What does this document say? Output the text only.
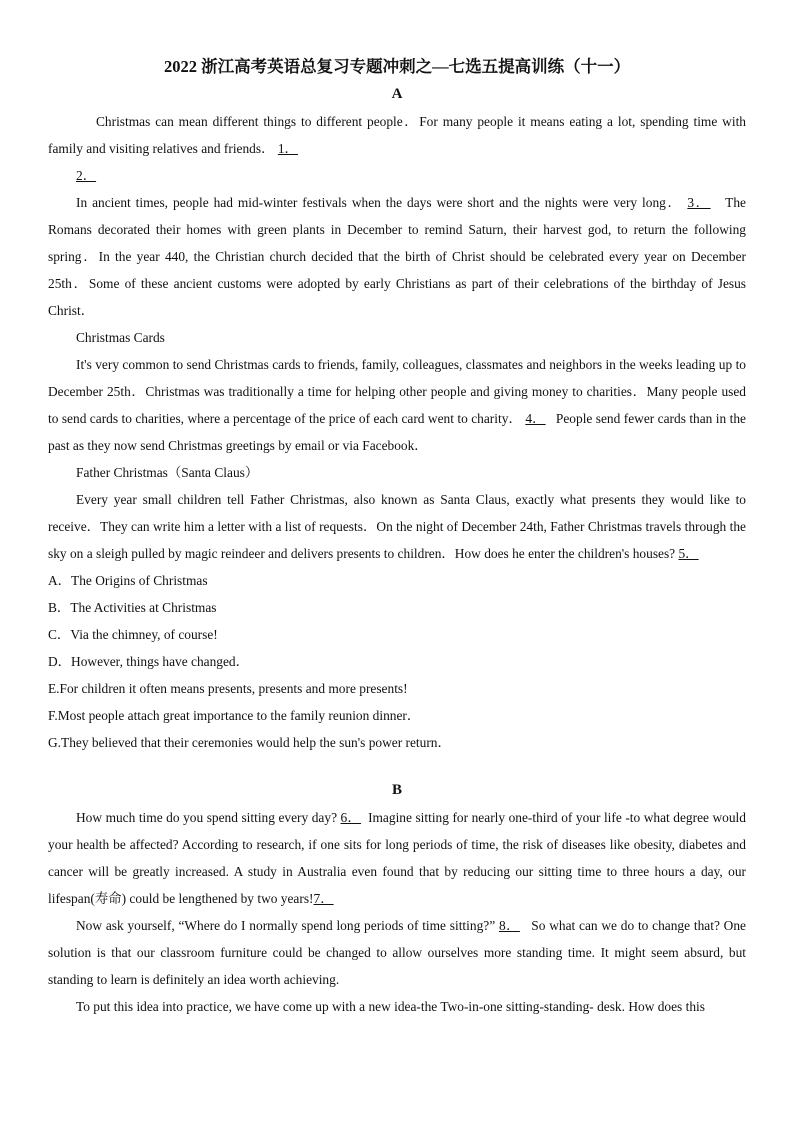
2022 浙江高考英语总复习专题冲刺之—七选五提高训练（十一）
A

Christmas can mean different things to different people．For many people it means eating a lot, spending time with family and visiting relatives and friends． 1．

2．

In ancient times, people had mid-winter festivals when the days were short and the nights were very long． 3．   The Romans decorated their homes with green plants in December to remind Saturn, their harvest god, to return the following spring．In the year 440, the Christian church decided that the birth of Christ should be celebrated every year on December 25th．Some of these ancient customs were adopted by early Christians as part of their celebrations of the birthday of Jesus Christ．

Christmas Cards

It's very common to send Christmas cards to friends, family, colleagues, classmates and neighbors in the weeks leading up to December 25th．Christmas was traditionally a time for helping other people and giving money to charities．Many people used to send cards to charities, where a percentage of the price of each card went to charity． 4．   People send fewer cards than in the past as they now send Christmas greetings by email or via Facebook．

Father Christmas（Santa Claus）

Every year small children tell Father Christmas, also known as Santa Claus, exactly what presents they would like to receive．They can write him a letter with a list of requests．On the night of December 24th, Father Christmas travels through the sky on a sleigh pulled by magic reindeer and delivers presents to children．How does he enter the children's houses? 5．

A．The Origins of Christmas

B．The Activities at Christmas

C．Via the chimney, of course!

D．However, things have changed．

E.For children it often means presents, presents and more presents!

F.Most people attach great importance to the family reunion dinner．

G.They believed that their ceremonies would help the sun's power return．

B

How much time do you spend sitting every day? 6． Imagine sitting for nearly one-third of your life -to what degree would your health be affected? According to research, if one sits for long periods of time, the risk of diseases like obesity, diabetes and cancer will be greatly increased. A study in Australia even found that by reducing our sitting time to three hours a day, our lifespan(寿命) could be lengthened by two years!7．

Now ask yourself, “Where do I normally spend long periods of time sitting?” 8．   So what can we do to change that? One solution is that our classroom furniture could be changed to allow ourselves more standing time. It might seem absurd, but standing to learn is definitely an idea worth achieving.

To put this idea into practice, we have come up with a new idea-the Two-in-one sitting-standing- desk. How does this
